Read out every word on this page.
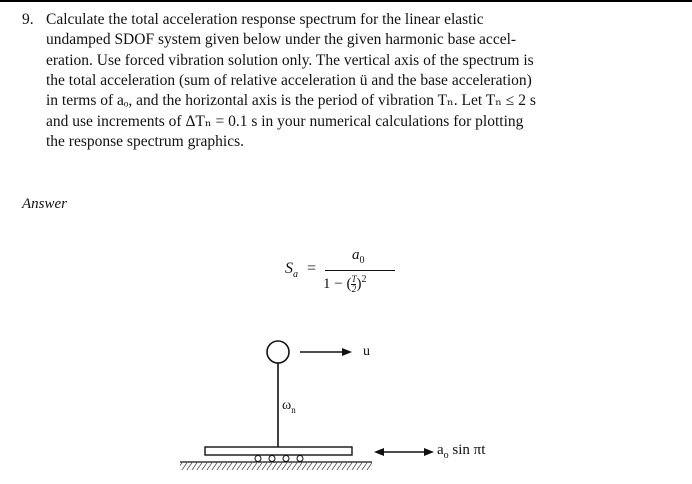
9. Calculate the total acceleration response spectrum for the linear elastic
undamped SDOF system given below under the given harmonic base accel-
eration. Use forced vibration solution only. The vertical axis of the spectrum is
the total acceleration (sum of relative acceleration ü and the base acceleration)
in terms of aₒ, and the horizontal axis is the period of vibration Tₙ. Let Tₙ ≤ 2 s
and use increments of ΔTₙ = 0.1 s in your numerical calculations for plotting
the response spectrum graphics.
Answer
$S_a$ =
$a_0$
1 − ( $\frac{T}{2} )^2$
u
$\omega_n$
$a_o$ sin πt
